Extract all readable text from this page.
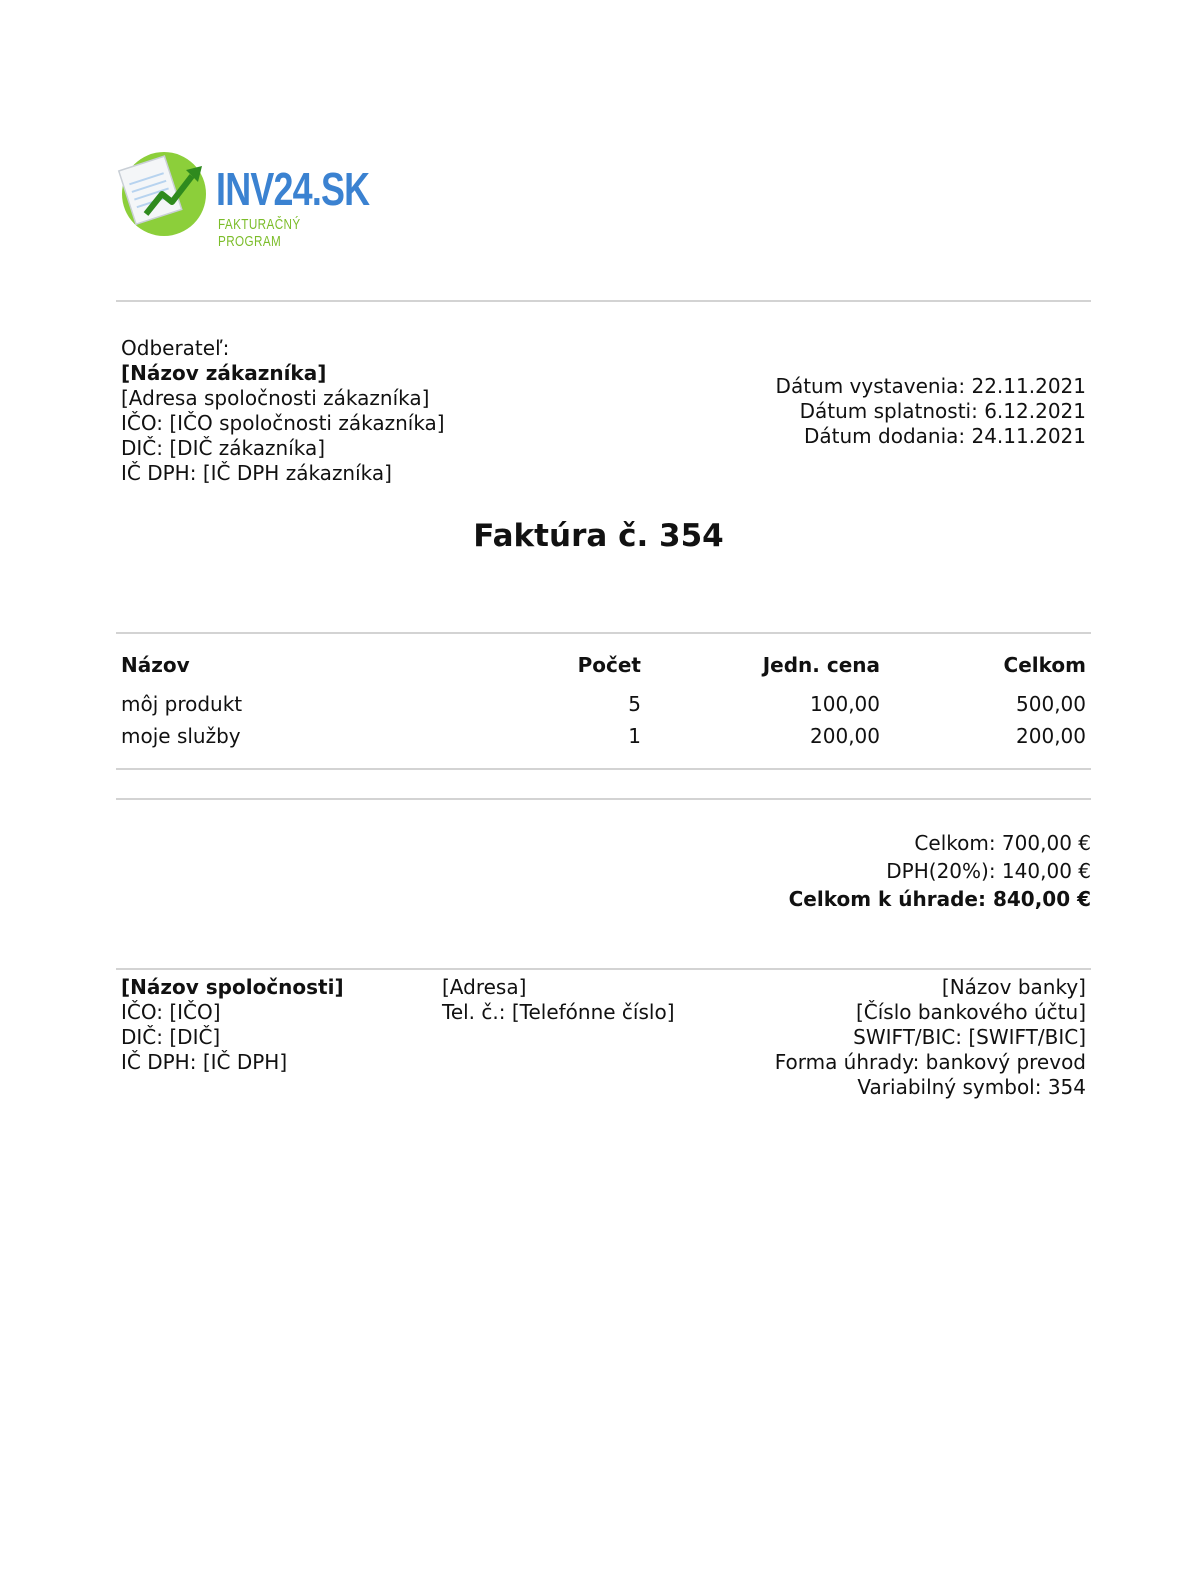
INV24.SK
FAKTURAČNÝ PROGRAM
Odberateľ:
[Názov zákazníka]
[Adresa spoločnosti zákazníka]
IČO: [IČO spoločnosti zákazníka]
DIČ: [DIČ zákazníka]
IČ DPH: [IČ DPH zákazníka]
Dátum vystavenia: 22.11.2021
Dátum splatnosti: 6.12.2021
Dátum dodania: 24.11.2021
Faktúra č. 354
Názov	Počet	Jedn. cena	Celkom
môj produkt	5	100,00	500,00
moje služby	1	200,00	200,00
Celkom: 700,00 €
DPH(20%): 140,00 €
Celkom k úhrade: 840,00 €
[Názov spoločnosti]
IČO: [IČO]
DIČ: [DIČ]
IČ DPH: [IČ DPH]
[Adresa]
Tel. č.: [Telefónne číslo]
[Názov banky]
[Číslo bankového účtu]
SWIFT/BIC: [SWIFT/BIC]
Forma úhrady: bankový prevod
Variabilný symbol: 354
